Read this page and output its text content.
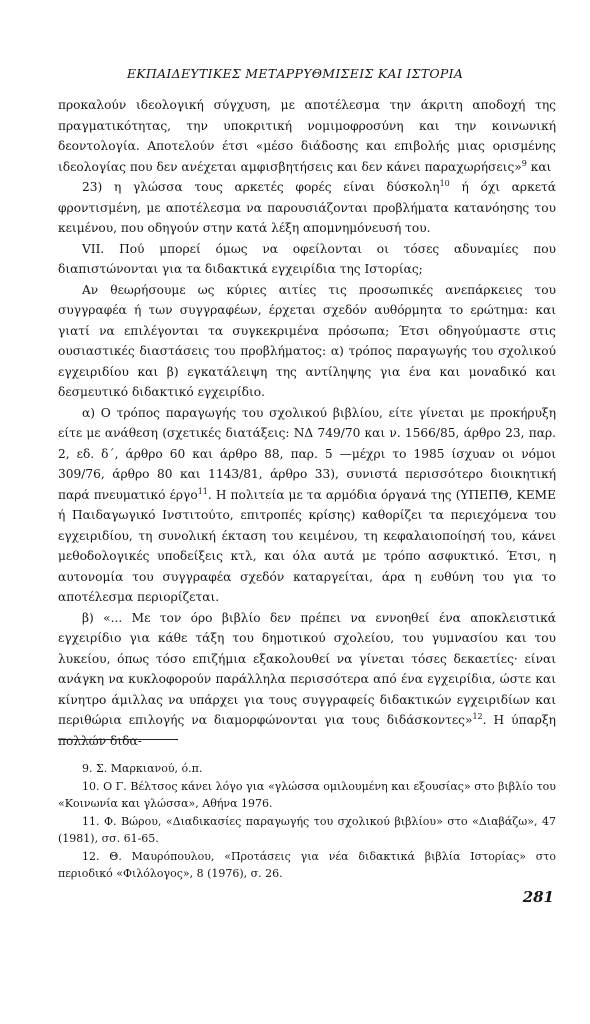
ΕΚΠΑΙΔΕΥΤΙΚΕΣ ΜΕΤΑΡΡΥΘΜΙΣΕΙΣ ΚΑΙ ΙΣΤΟΡΙΑ

προκαλούν ιδεολογική σύγχυση, με αποτέλεσμα την άκριτη αποδοχή της πραγματικότητας, την υποκριτική νομιμοφροσύνη και την κοινωνική δεοντολογία. Αποτελούν έτσι «μέσο διάδοσης και επιβολής μιας ορισμένης ιδεολογίας που δεν ανέχεται αμφισβητήσεις και δεν κάνει παραχωρήσεις»$^9$ και

23) η γλώσσα τους αρκετές φορές είναι δύσκολη$^{10}$ ή όχι αρκετά φροντισμένη, με αποτέλεσμα να παρουσιάζονται προβλήματα κατανόησης του κειμένου, που οδηγούν στην κατά λέξη απομνημόνευσή του.

VII. Πού μπορεί όμως να οφείλονται οι τόσες αδυναμίες που διαπιστώνονται για τα διδακτικά εγχειρίδια της Ιστορίας;

Αν θεωρήσουμε ως κύριες αιτίες τις προσωπικές ανεπάρκειες του συγγραφέα ή των συγγραφέων, έρχεται σχεδόν αυθόρμητα το ερώτημα: και γιατί να επιλέγονται τα συγκεκριμένα πρόσωπα; Έτσι οδηγούμαστε στις ουσιαστικές διαστάσεις του προβλήματος: α) τρόπος παραγωγής του σχολικού εγχειριδίου και β) εγκατάλειψη της αντίληψης για ένα και μοναδικό και δεσμευτικό διδακτικό εγχειρίδιο.

α) Ο τρόπος παραγωγής του σχολικού βιβλίου, είτε γίνεται με προκήρυξη είτε με ανάθεση (σχετικές διατάξεις: ΝΔ 749/70 και ν. 1566/85, άρθρο 23, παρ. 2, εδ. δ΄, άρθρο 60 και άρθρο 88, παρ. 5 —μέχρι το 1985 ίσχυαν οι νόμοι 309/76, άρθρο 80 και 1143/81, άρθρο 33), συνιστά περισσότερο διοικητική παρά πνευματικό έργο$^{11}$. Η πολιτεία με τα αρμόδια όργανά της (ΥΠΕΠΘ, ΚΕΜΕ ή Παιδαγωγικό Ινστιτούτο, επιτροπές κρίσης) καθορίζει τα περιεχόμενα του εγχειριδίου, τη συνολική έκταση του κειμένου, τη κεφαλαιοποίησή του, κάνει μεθοδολογικές υποδείξεις κτλ, και όλα αυτά με τρόπο ασφυκτικό. Έτσι, η αυτονομία του συγγραφέα σχεδόν καταργείται, άρα η ευθύνη του για το αποτέλεσμα περιορίζεται.

β) «... Με τον όρο βιβλίο δεν πρέπει να εννοηθεί ένα αποκλειστικά εγχειρίδιο για κάθε τάξη του δημοτικού σχολείου, του γυμνασίου και του λυκείου, όπως τόσο επιζήμια εξακολουθεί να γίνεται τόσες δεκαετίες· είναι ανάγκη να κυκλοφορούν παράλληλα περισσότερα από ένα εγχειρίδια, ώστε και κίνητρο άμιλλας να υπάρχει για τους συγγραφείς διδακτικών εγχειριδίων και περιθώρια επιλογής να διαμορφώνονται για τους διδάσκοντες»$^{12}$. Η ύπαρξη πολλών διδα-

9. Σ. Μαρκιανού, ό.π.

10. Ο Γ. Βέλτσος κάνει λόγο για «γλώσσα ομιλουμένη και εξουσίας» στο βιβλίο του «Κοινωνία και γλώσσα», Αθήνα 1976.

11. Φ. Βώρου, «Διαδικασίες παραγωγής του σχολικού βιβλίου» στο «Διαβάζω», 47 (1981), σσ. 61-65.

12. Θ. Μαυρόπουλου, «Προτάσεις για νέα διδακτικά βιβλία Ιστορίας» στο περιοδικό «Φιλόλογος», 8 (1976), σ. 26.

281
